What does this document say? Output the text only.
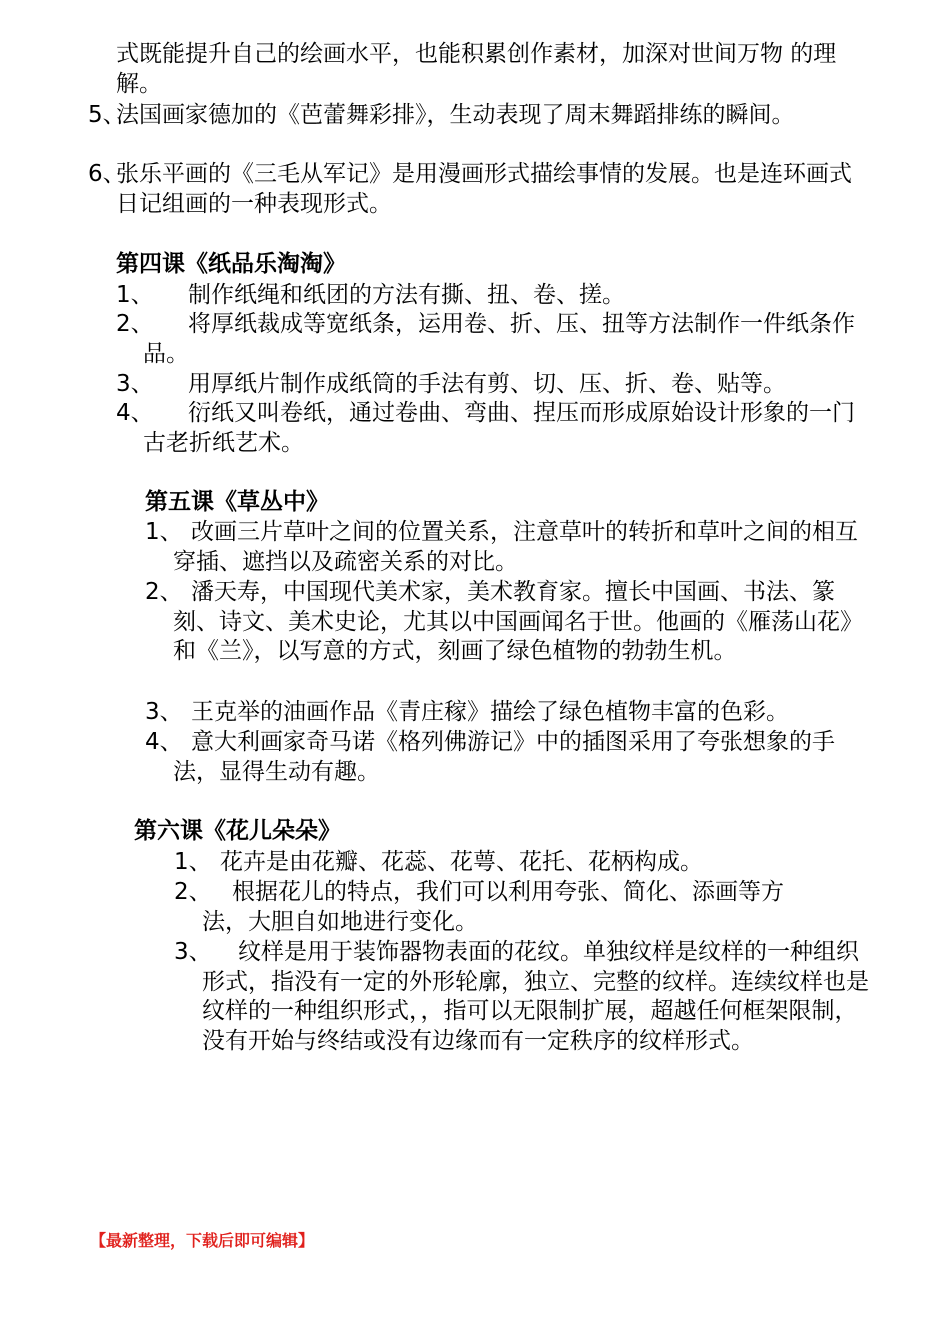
式既能提升自己的绘画水平，也能积累创作素材，加深对世间万物 的理解。
5、
法国画家德加的《芭蕾舞彩排》，生动表现了周末舞蹈排练的瞬间。
6、
张乐平画的《三毛从军记》是用漫画形式描绘事情的发展。也是连环画式日记组画的一种表现形式。
第四课《纸品乐淘淘》
1、 制作纸绳和纸团的方法有撕、扭、卷、搓。
2、	将厚纸裁成等宽纸条，运用卷、折、压、扭等方法制作一件纸条作品。
3、 用厚纸片制作成纸筒的手法有剪、切、压、折、卷、贴等。
4、	衍纸又叫卷纸，通过卷曲、弯曲、捏压而形成原始设计形象的一门古老折纸艺术。
第五课《草丛中》
1、 改画三片草叶之间的位置关系，注意草叶的转折和草叶之间的相互穿插、遮挡以及疏密关系的对比。
2、 潘天寿，中国现代美术家，美术教育家。擅长中国画、书法、篆刻、诗文、美术史论，尤其以中国画闻名于世。他画的《雁荡山花》和《兰》，以写意的方式，刻画了绿色植物的勃勃生机。
3、 王克举的油画作品《青庄稼》描绘了绿色植物丰富的色彩。
4、 意大利画家奇马诺《格列佛游记》中的插图采用了夸张想象的手法，显得生动有趣。
第六课《花儿朵朵》
1、 花卉是由花瓣、花蕊、花萼、花托、花柄构成。
2、 根据花儿的特点，我们可以利用夸张、简化、添画等方法，大胆自如地进行变化。
3、	纹样是用于装饰器物表面的花纹。单独纹样是纹样的一种组织形式，指没有一定的外形轮廓，独立、完整的纹样。连续纹样也是纹样的一种组织形式，，指可以无限制扩展，超越任何框架限制，没有开始与终结或没有边缘而有一定秩序的纹样形式。
【最新整理，下载后即可编辑】
